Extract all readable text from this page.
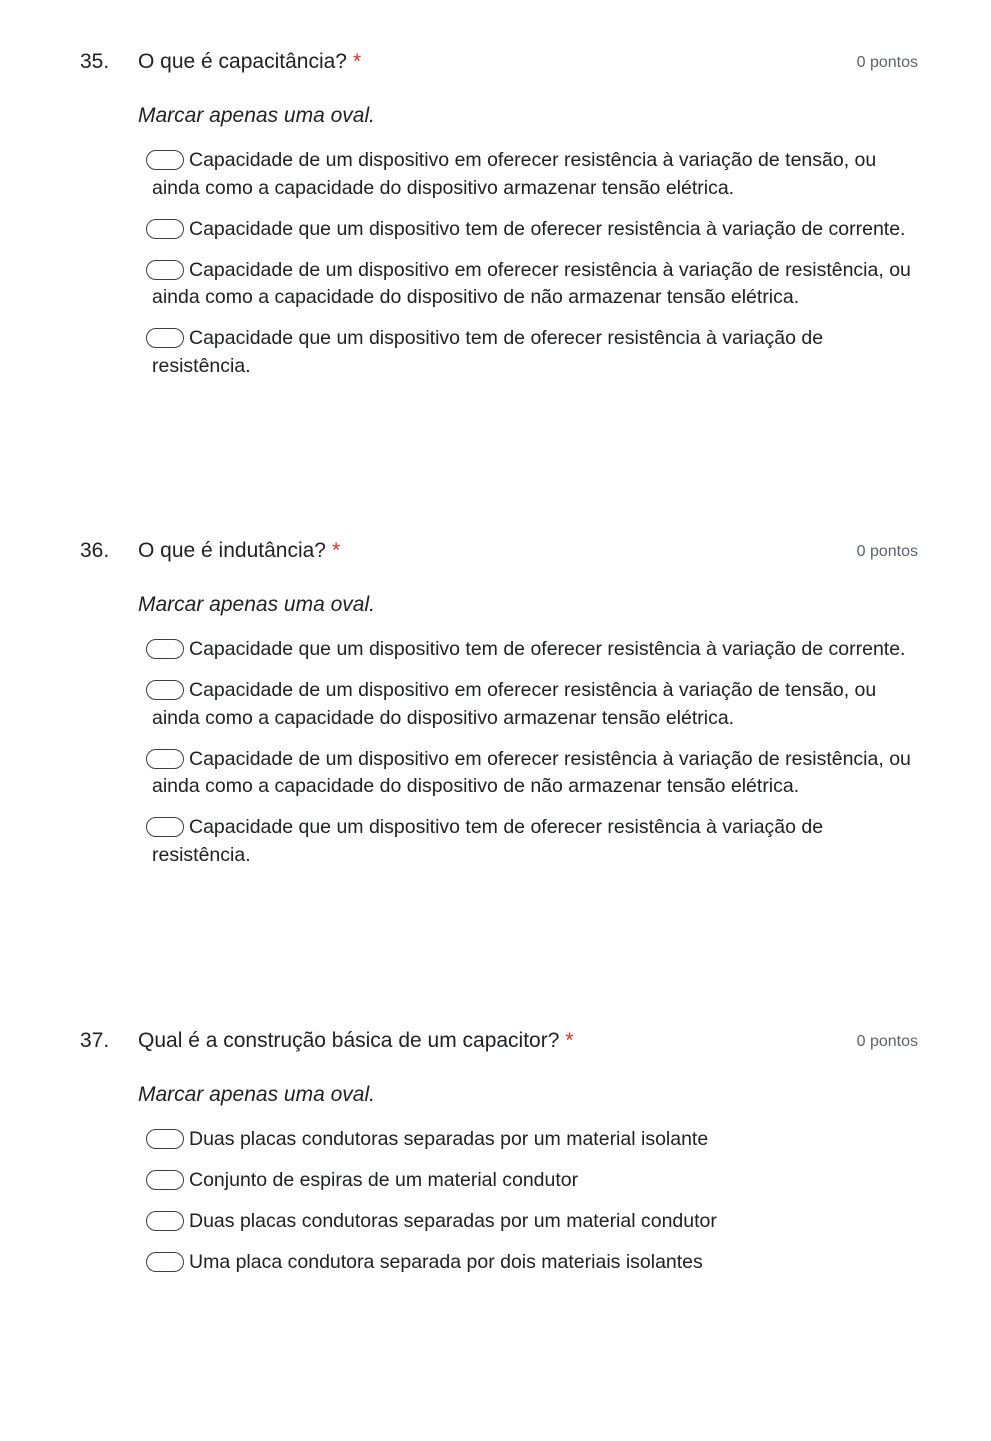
35. O que é capacitância? *	0 pontos
Marcar apenas uma oval.
Capacidade de um dispositivo em oferecer resistência à variação de tensão, ou ainda como a capacidade do dispositivo armazenar tensão elétrica.
Capacidade que um dispositivo tem de oferecer resistência à variação de corrente.
Capacidade de um dispositivo em oferecer resistência à variação de resistência, ou ainda como a capacidade do dispositivo de não armazenar tensão elétrica.
Capacidade que um dispositivo tem de oferecer resistência à variação de resistência.
36. O que é indutância? *	0 pontos
Marcar apenas uma oval.
Capacidade que um dispositivo tem de oferecer resistência à variação de corrente.
Capacidade de um dispositivo em oferecer resistência à variação de tensão, ou ainda como a capacidade do dispositivo armazenar tensão elétrica.
Capacidade de um dispositivo em oferecer resistência à variação de resistência, ou ainda como a capacidade do dispositivo de não armazenar tensão elétrica.
Capacidade que um dispositivo tem de oferecer resistência à variação de resistência.
37. Qual é a construção básica de um capacitor? *	0 pontos
Marcar apenas uma oval.
Duas placas condutoras separadas por um material isolante
Conjunto de espiras de um material condutor
Duas placas condutoras separadas por um material condutor
Uma placa condutora separada por dois materiais isolantes
